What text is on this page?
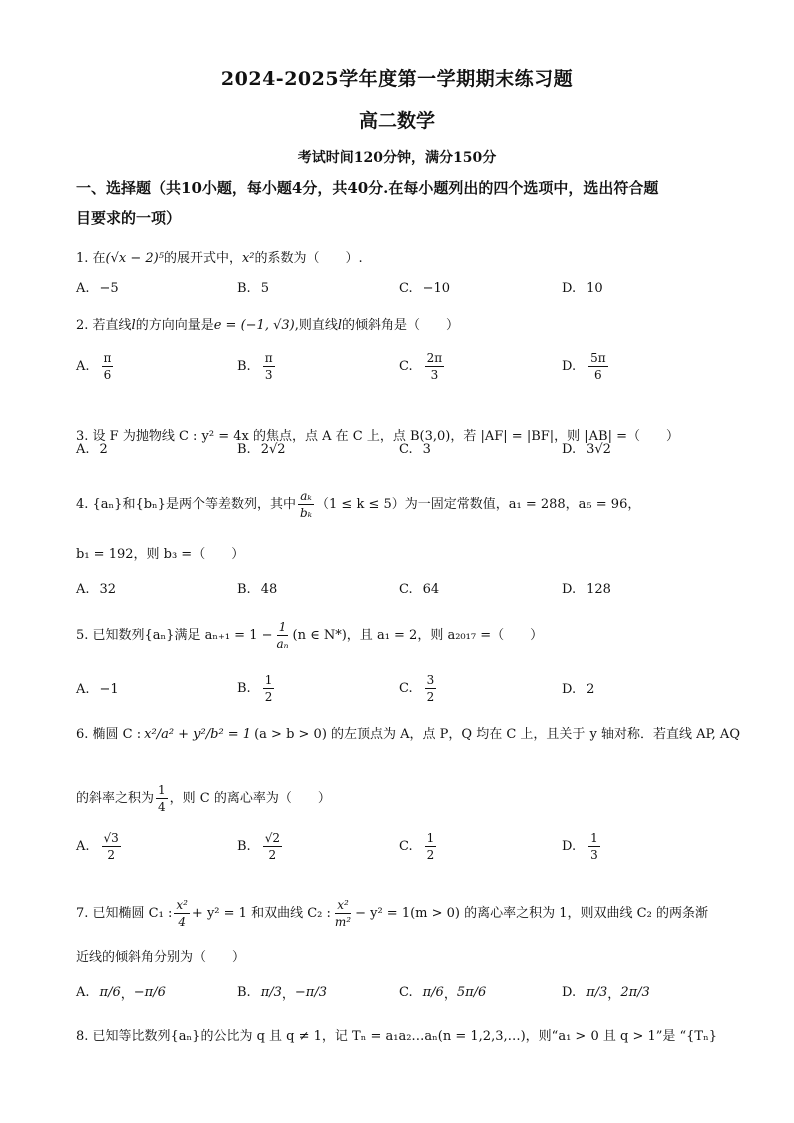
2024-2025学年度第一学期期末练习题
高二数学
考试时间120分钟，满分150分
一、选择题（共10小题，每小题4分，共40分.在每小题列出的四个选项中，选出符合题
目要求的一项）
1. 在(√x − 2)⁵的展开式中，x²的系数为（　　）.
A. −5	B. 5	C. −10	D. 10
2. 若直线l的方向向量是e = (−1, √3),则直线l的倾斜角是（　　）
A. $\frac{\pi}{6}$	B. $\frac{\pi}{3}$	C. $\frac{2\pi}{3}$	D. $\frac{5\pi}{6}$
3. 设 F 为抛物线 C : y² = 4x 的焦点，点 A 在 C 上，点 B(3,0)，若 |AF| = |BF|，则 |AB| =（　　）
A. 2	B. 2√2	C. 3	D. 3√2
4. {aₙ}和{bₙ}是两个等差数列，其中 $\frac{\text{aₖ}}{\text{bₖ}} (1 \le k \le 5)$为一固定常数值，a₁ = 288，a₅ = 96，
b₁ = 192，则 b₃ =（　　）
A. 32	B. 48	C. 64	D. 128
5. 已知数列{aₙ}满足 $a_{n+1} = 1 - \frac{1}{\text{aₙ}} (n$ ∈ N*)，且 a₁ = 2，则 a₂₀₁₇ =（　　）
A. −1	B. $\frac{1}{2}$	C. $\frac{3}{2}$	D. 2
6. 椭圆 C : x²/a² + y²/b² = 1 (a > b > 0) 的左顶点为 A，点 P，Q 均在 C 上，且关于 y 轴对称．若直线 AP, AQ
的斜率之积为 $\frac{1}{4}$ ，则 C 的离心率为（　　）
A. $\frac{√3}{2}$	B. $\frac{√2}{2}$	C. $\frac{1}{2}$	D. $\frac{1}{3}$
7. 已知椭圆 C₁ : $\frac{\text{x²}}{4} + y^2 = 1$ 和双曲线 C₂ : $\frac{\text{x²}}{\text{m²}} - y^2 = 1(m > 0)$ 的离心率之积为 1，则双曲线 C₂ 的两条渐
近线的倾斜角分别为（　　）
A. π/6 ， −π/6	B. π/3 ， −π/3	C. π/6 ， 5π/6	D. π/3 ， 2π/3
8. 已知等比数列{aₙ}的公比为 q 且 q ≠ 1，记 Tₙ = a₁a₂…aₙ(n = 1,2,3,…)，则“a₁ > 0 且 q > 1”是 “{Tₙ}
